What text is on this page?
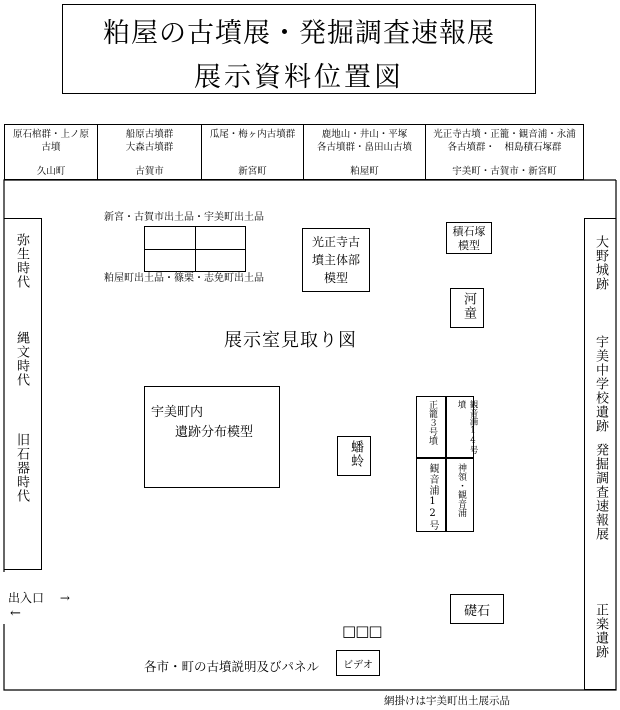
粕屋の古墳展・発掘調査速報展
展示資料位置図
原石棺群・上ノ原
古墳
久山町
船原古墳群
大森古墳群
古賀市
瓜尾・梅ヶ内古墳群
新宮町
鹿地山・井山・平塚
各古墳群・畠田山古墳
粕屋町
光正寺古墳・正籠・観音浦・永浦
各古墳群・　相島積石塚群
宇美町・古賀市・新宮町
弥生時代
縄文時代
旧石器時代
大野城跡
宇美中学校遺跡
発掘調査速報展
正楽遺跡
新宮・古賀市出土品・宇美町出土品
粕屋町出土品・篠栗・志免町出土品
光正寺古墳主体部模型
積石塚
模型
河童
展示室見取り図
宇美町内
遺跡分布模型
蟠蛉
正籠３号墳	観音浦14号墳
観音浦12号 神領・観音浦
礎石
出入口 →
←
□□□
各市・町の古墳説明及びパネル ビデオ
網掛けは宇美町出土展示品
